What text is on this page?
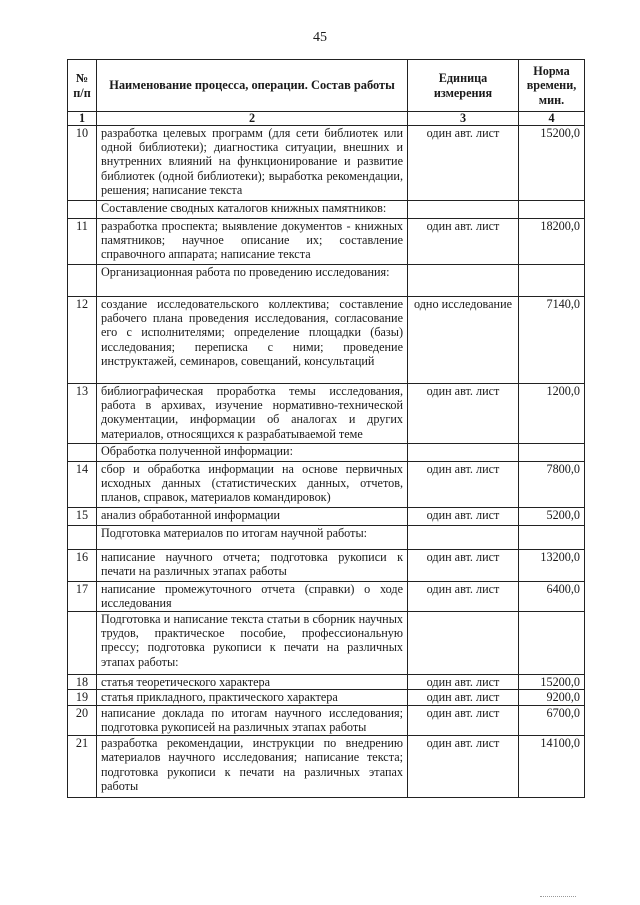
45
№ п/п	Наименование процесса, операции. Состав работы	Единица измерения	Норма времени, мин.
1	2	3	4
10	разработка целевых программ (для сети библиотек или одной библиотеки); диагностика ситуации, внешних и внутренних влияний на функционирование и развитие библиотек (одной библиотеки); выработка рекомендации, решения; написание текста	один авт. лист	15200,0
	Составление сводных каталогов книжных памятников:		
11	разработка проспекта; выявление документов - книжных памятников; научное описание их; составление справочного аппарата; написание текста	один авт. лист	18200,0
	Организационная работа по проведению исследования:		
12	создание исследовательского коллектива; составление рабочего плана проведения исследования, согласование его с исполнителями; определение площадки (базы) исследования; переписка с ними; проведение инструктажей, семинаров, совещаний, консультаций	одно исследование	7140,0
13	библиографическая проработка темы исследования, работа в архивах, изучение нормативно-технической документации, информации об аналогах и других материалов, относящихся к разрабатываемой теме	один авт. лист	1200,0
	Обработка полученной информации:		
14	сбор и обработка информации на основе первичных исходных данных (статистических данных, отчетов, планов, справок, материалов командировок)	один авт. лист	7800,0
15	анализ обработанной информации	один авт. лист	5200,0
	Подготовка материалов по итогам научной работы:		
16	написание научного отчета; подготовка рукописи к печати на различных этапах работы	один авт. лист	13200,0
17	написание промежуточного отчета (справки) о ходе исследования	один авт. лист	6400,0
	Подготовка и написание текста статьи в сборник научных трудов, практическое пособие, профессиональную прессу; подготовка рукописи к печати на различных этапах работы:		
18	статья теоретического характера	один авт. лист	15200,0
19	статья прикладного, практического характера	один авт. лист	9200,0
20	написание доклада по итогам научного исследования; подготовка рукописей на различных этапах работы	один авт. лист	6700,0
21	разработка рекомендации, инструкции по внедрению материалов научного исследования; написание текста; подготовка рукописи к печати на различных этапах работы	один авт. лист	14100,0
